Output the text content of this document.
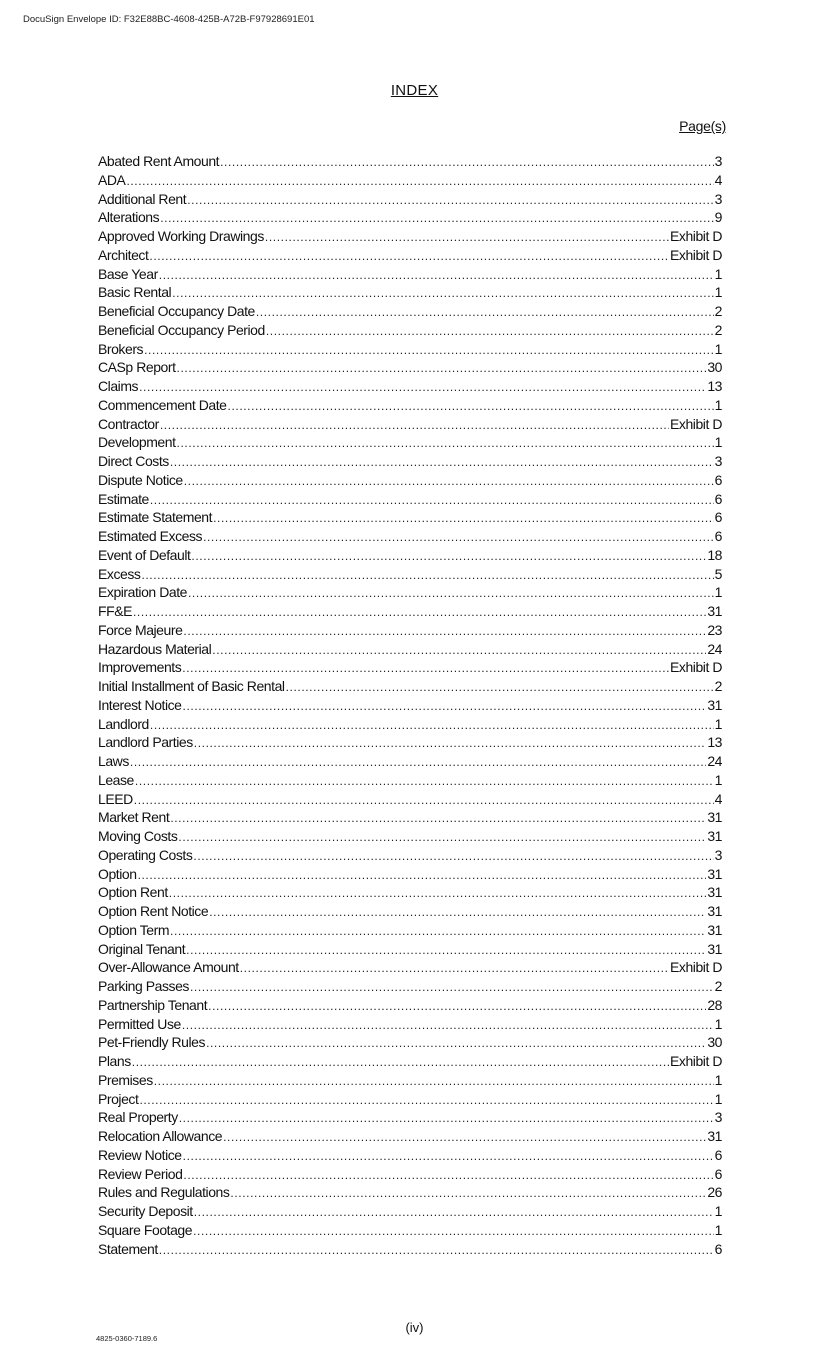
DocuSign Envelope ID: F32E88BC-4608-425B-A72B-F97928691E01
INDEX
Page(s)
Abated Rent Amount .....	3
ADA .....	4
Additional Rent .....	3
Alterations .....	9
Approved Working Drawings .....	Exhibit D
Architect .....	Exhibit D
Base Year .....	1
Basic Rental .....	1
Beneficial Occupancy Date .....	2
Beneficial Occupancy Period .....	2
Brokers .....	1
CASp Report .....	30
Claims .....	13
Commencement Date .....	1
Contractor .....	Exhibit D
Development .....	1
Direct Costs .....	3
Dispute Notice .....	6
Estimate .....	6
Estimate Statement .....	6
Estimated Excess .....	6
Event of Default .....	18
Excess .....	5
Expiration Date .....	1
FF&E .....	31
Force Majeure .....	23
Hazardous Material .....	24
Improvements .....	Exhibit D
Initial Installment of Basic Rental .....	2
Interest Notice .....	31
Landlord .....	1
Landlord Parties .....	13
Laws .....	24
Lease .....	1
LEED .....	4
Market Rent .....	31
Moving Costs .....	31
Operating Costs .....	3
Option .....	31
Option Rent .....	31
Option Rent Notice .....	31
Option Term .....	31
Original Tenant .....	31
Over-Allowance Amount .....	Exhibit D
Parking Passes .....	2
Partnership Tenant .....	28
Permitted Use .....	1
Pet-Friendly Rules .....	30
Plans .....	Exhibit D
Premises .....	1
Project .....	1
Real Property .....	3
Relocation Allowance .....	31
Review Notice .....	6
Review Period .....	6
Rules and Regulations .....	26
Security Deposit .....	1
Square Footage .....	1
Statement .....	6
(iv)
4825-0360-7189.6
